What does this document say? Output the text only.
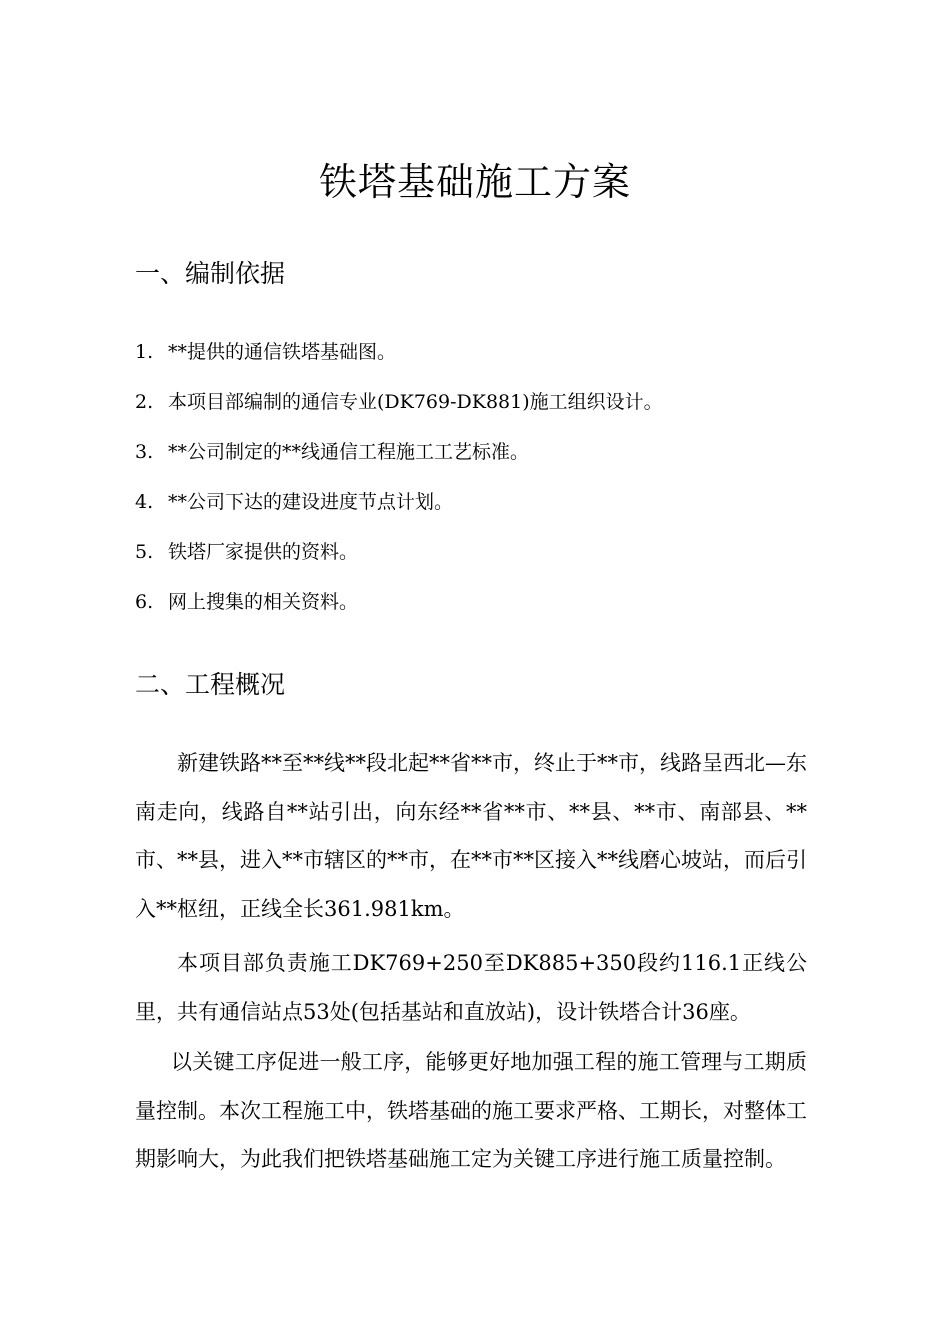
铁塔基础施工方案
一、编制依据
1. **提供的通信铁塔基础图。
2. 本项目部编制的通信专业(DK769-DK881)施工组织设计。
3. **公司制定的**线通信工程施工工艺标准。
4. **公司下达的建设进度节点计划。
5. 铁塔厂家提供的资料。
6. 网上搜集的相关资料。
二、工程概况

新建铁路**至**线**段北起**省**市，终止于**市，线路呈西北—东南走向，线路自**站引出，向东经**省**市、**县、**市、南部县、**市、**县，进入**市辖区的**市，在**市**区接入**线磨心坡站，而后引入**枢纽，正线全长361.981km。

本项目部负责施工DK769+250至DK885+350段约116.1正线公里，共有通信站点53处(包括基站和直放站)，设计铁塔合计36座。

以关键工序促进一般工序，能够更好地加强工程的施工管理与工期质量控制。本次工程施工中，铁塔基础的施工要求严格、工期长，对整体工期影响大，为此我们把铁塔基础施工定为关键工序进行施工质量控制。
